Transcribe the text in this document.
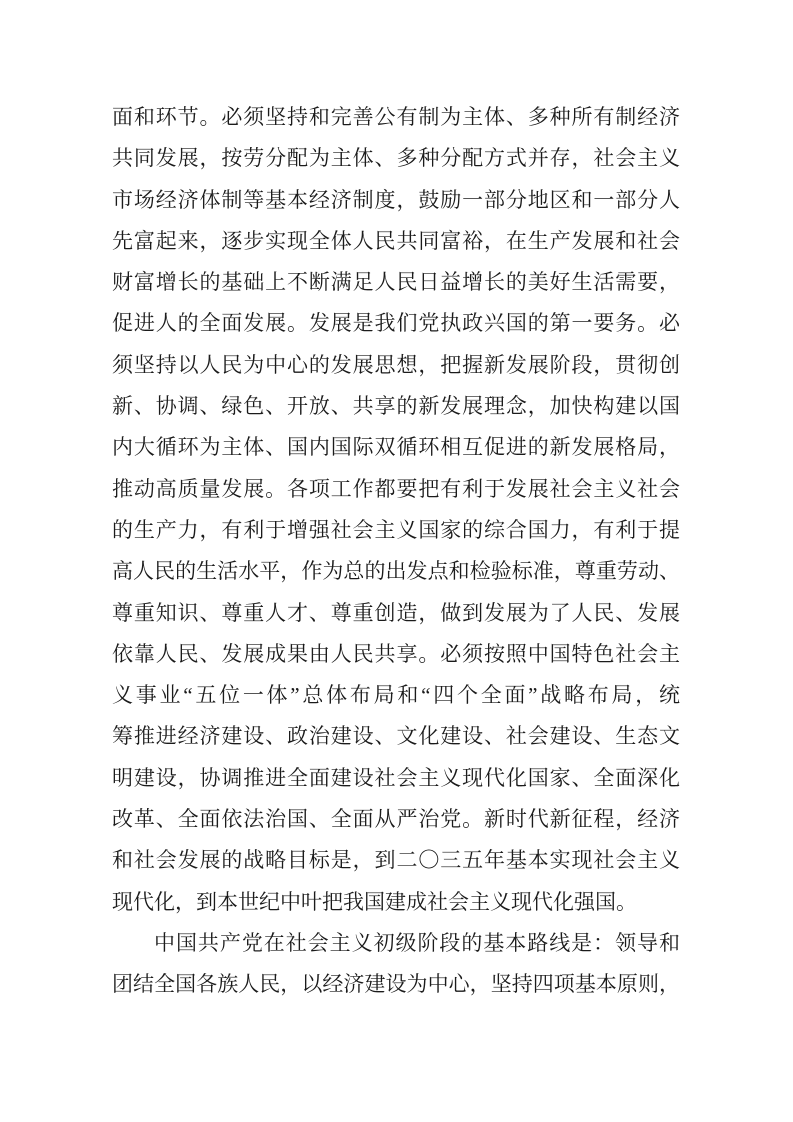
面和环节。必须坚持和完善公有制为主体、多种所有制经济
共同发展，按劳分配为主体、多种分配方式并存，社会主义
市场经济体制等基本经济制度，鼓励一部分地区和一部分人
先富起来，逐步实现全体人民共同富裕，在生产发展和社会
财富增长的基础上不断满足人民日益增长的美好生活需要，
促进人的全面发展。发展是我们党执政兴国的第一要务。必
须坚持以人民为中心的发展思想，把握新发展阶段，贯彻创
新、协调、绿色、开放、共享的新发展理念，加快构建以国
内大循环为主体、国内国际双循环相互促进的新发展格局，
推动高质量发展。各项工作都要把有利于发展社会主义社会
的生产力，有利于增强社会主义国家的综合国力，有利于提
高人民的生活水平，作为总的出发点和检验标准，尊重劳动、
尊重知识、尊重人才、尊重创造，做到发展为了人民、发展
依靠人民、发展成果由人民共享。必须按照中国特色社会主
义事业“五位一体”总体布局和“四个全面”战略布局，统
筹推进经济建设、政治建设、文化建设、社会建设、生态文
明建设，协调推进全面建设社会主义现代化国家、全面深化
改革、全面依法治国、全面从严治党。新时代新征程，经济
和社会发展的战略目标是，到二〇三五年基本实现社会主义
现代化，到本世纪中叶把我国建成社会主义现代化强国。
中国共产党在社会主义初级阶段的基本路线是：领导和
团结全国各族人民，以经济建设为中心，坚持四项基本原则，
